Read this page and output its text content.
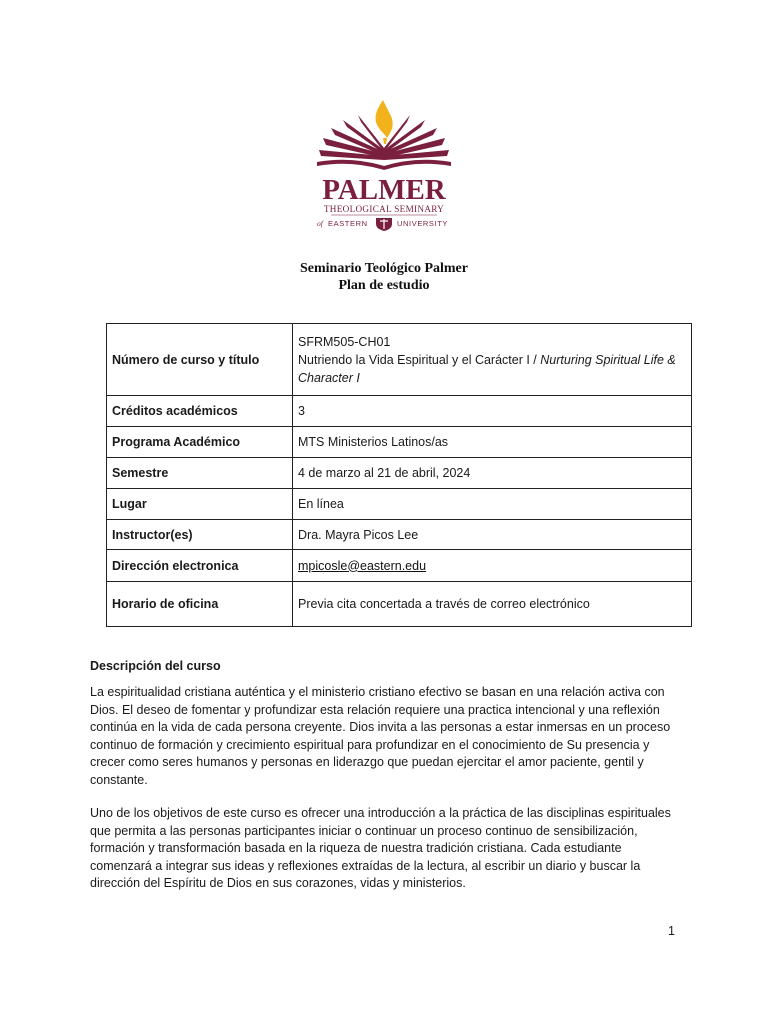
PALMER
THEOLOGICAL SEMINARY
of EASTERN	UNIVERSITY
Seminario Teológico Palmer
Plan de estudio
Número de curso y título	SFRM505-CH01
Nutriendo la Vida Espiritual y el Carácter I / Nurturing Spiritual Life & Character I
Créditos académicos	3
Programa Académico	MTS Ministerios Latinos/as
Semestre	4 de marzo al 21 de abril, 2024
Lugar	En línea
Instructor(es)	Dra. Mayra Picos Lee
Dirección electronica	mpicosle@eastern.edu
Horario de oficina	Previa cita concertada a través de correo electrónico
Descripción del curso

La espiritualidad cristiana auténtica y el ministerio cristiano efectivo se basan en una relación activa con Dios. El deseo de fomentar y profundizar esta relación requiere una practica intencional y una reflexión continúa en la vida de cada persona creyente. Dios invita a las personas a estar inmersas en un proceso continuo de formación y crecimiento espiritual para profundizar en el conocimiento de Su presencia y crecer como seres humanos y personas en liderazgo que puedan ejercitar el amor paciente, gentil y constante.

Uno de los objetivos de este curso es ofrecer una introducción a la práctica de las disciplinas espirituales que permita a las personas participantes iniciar o continuar un proceso continuo de sensibilización, formación y transformación basada en la riqueza de nuestra tradición cristiana. Cada estudiante comenzará a integrar sus ideas y reflexiones extraídas de la lectura, al escribir un diario y buscar la dirección del Espíritu de Dios en sus corazones, vidas y ministerios.

1
